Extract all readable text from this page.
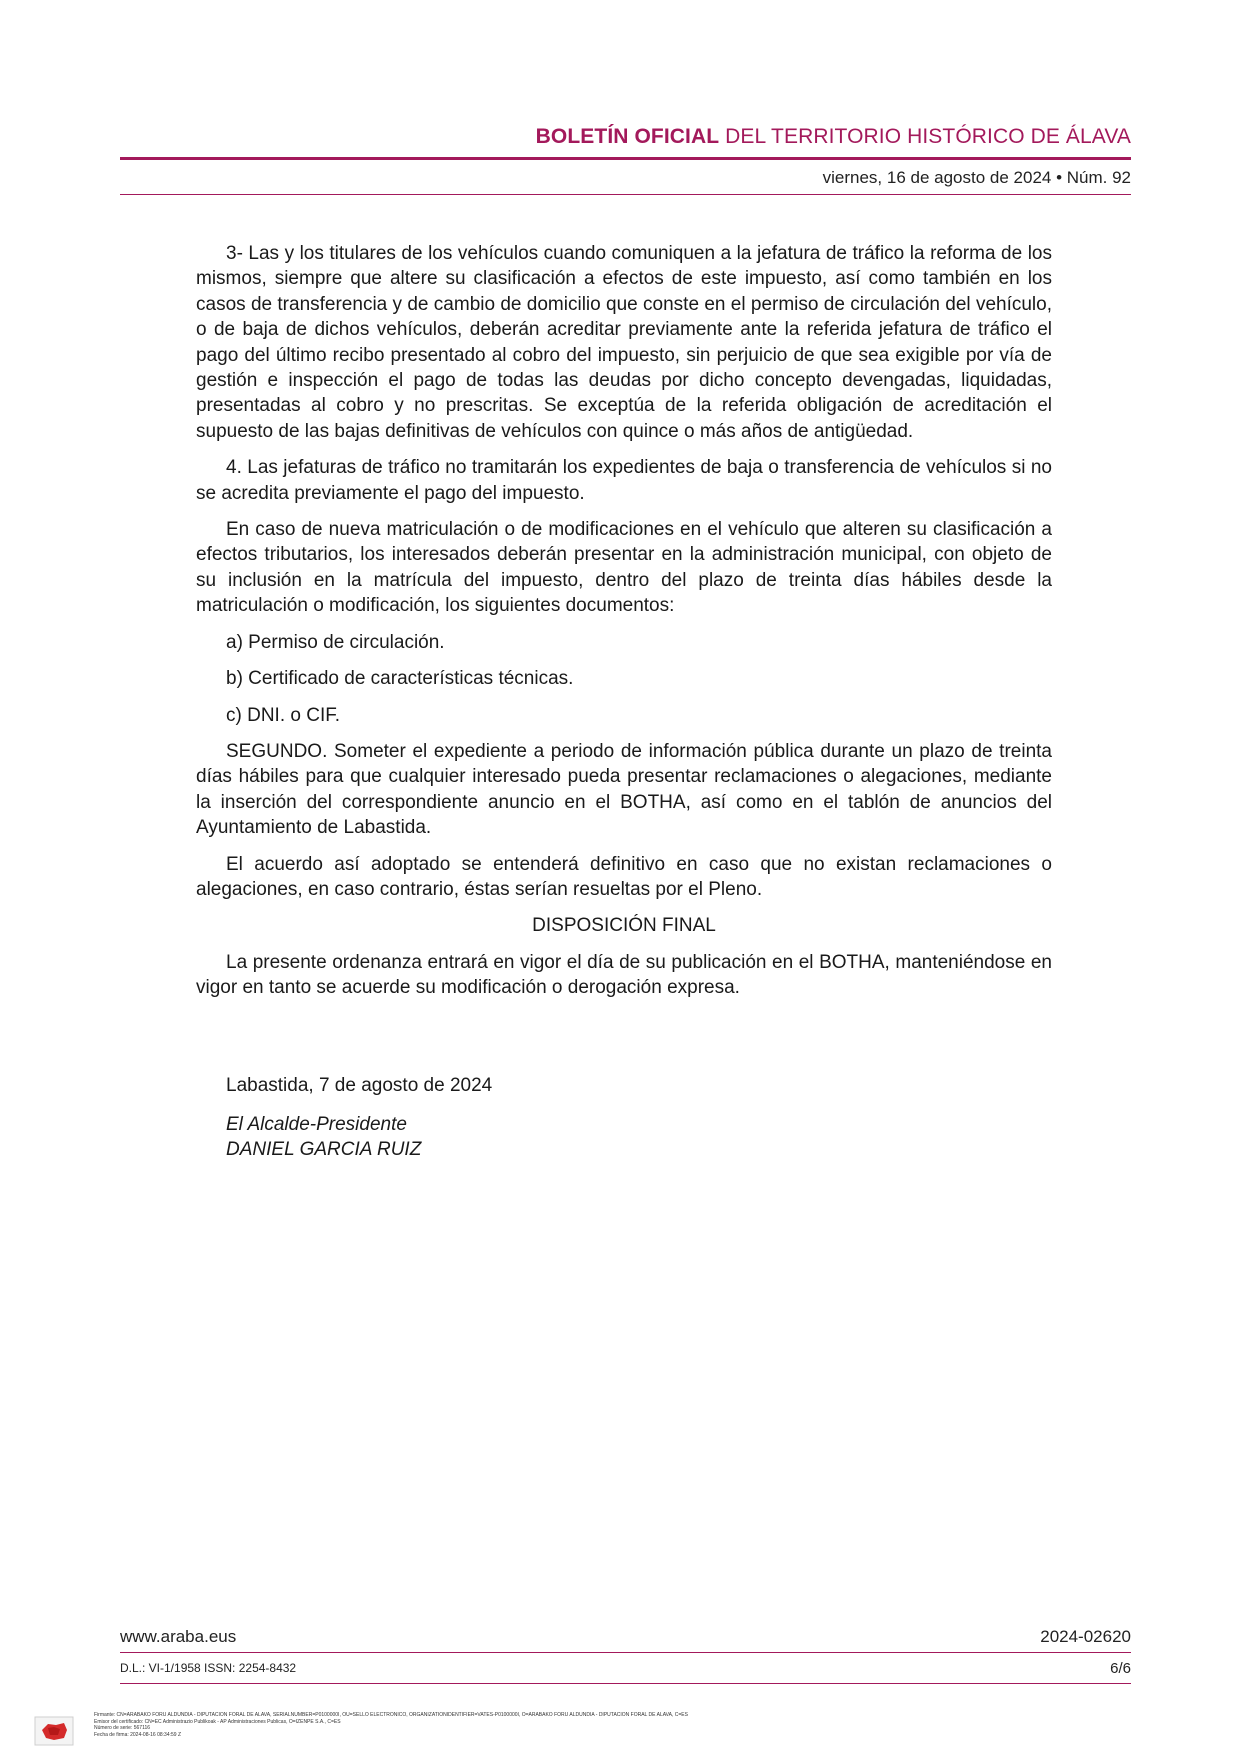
BOLETÍN OFICIAL DEL TERRITORIO HISTÓRICO DE ÁLAVA
viernes, 16 de agosto de 2024 • Núm. 92

3- Las y los titulares de los vehículos cuando comuniquen a la jefatura de tráfico la reforma de los mismos, siempre que altere su clasificación a efectos de este impuesto, así como también en los casos de transferencia y de cambio de domicilio que conste en el permiso de circulación del vehículo, o de baja de dichos vehículos, deberán acreditar previamente ante la referida jefatura de tráfico el pago del último recibo presentado al cobro del impuesto, sin perjuicio de que sea exigible por vía de gestión e inspección el pago de todas las deudas por dicho concepto devengadas, liquidadas, presentadas al cobro y no prescritas. Se exceptúa de la referida obligación de acreditación el supuesto de las bajas definitivas de vehículos con quince o más años de antigüedad.

4. Las jefaturas de tráfico no tramitarán los expedientes de baja o transferencia de vehículos si no se acredita previamente el pago del impuesto.

En caso de nueva matriculación o de modificaciones en el vehículo que alteren su clasificación a efectos tributarios, los interesados deberán presentar en la administración municipal, con objeto de su inclusión en la matrícula del impuesto, dentro del plazo de treinta días hábiles desde la matriculación o modificación, los siguientes documentos:

a) Permiso de circulación.

b) Certificado de características técnicas.

c) DNI. o CIF.

SEGUNDO. Someter el expediente a periodo de información pública durante un plazo de treinta días hábiles para que cualquier interesado pueda presentar reclamaciones o alegaciones, mediante la inserción del correspondiente anuncio en el BOTHA, así como en el tablón de anuncios del Ayuntamiento de Labastida.

El acuerdo así adoptado se entenderá definitivo en caso que no existan reclamaciones o alegaciones, en caso contrario, éstas serían resueltas por el Pleno.

DISPOSICIÓN FINAL

La presente ordenanza entrará en vigor el día de su publicación en el BOTHA, manteniéndose en vigor en tanto se acuerde su modificación o derogación expresa.

Labastida, 7 de agosto de 2024
El Alcalde-Presidente
DANIEL GARCIA RUIZ
www.araba.eus	2024-02620
D.L.: VI-1/1958 ISSN: 2254-8432	6/6
Firmante: CN=ARABAKO FORU ALDUNDIA - DIPUTACIÓN FORAL DE ALAVA, SERIALNUMBER=P0100000I, OU=SELLO ELECTRONICO, ORGANIZATIONIDENTIFIER=VATES-P0100000I, O=ARABAKO FORU ALDUNDIA - DIPUTACIÓN FORAL DE ALAVA, C=ES
Emisor del certificado: CN=EC Administrazio Publikoak - AP Administraciones Publicas, O=IZENPE S.A., C=ES
Número de serie: 567116
Fecha de firma: 2024-08-16 08:34:59 Z
